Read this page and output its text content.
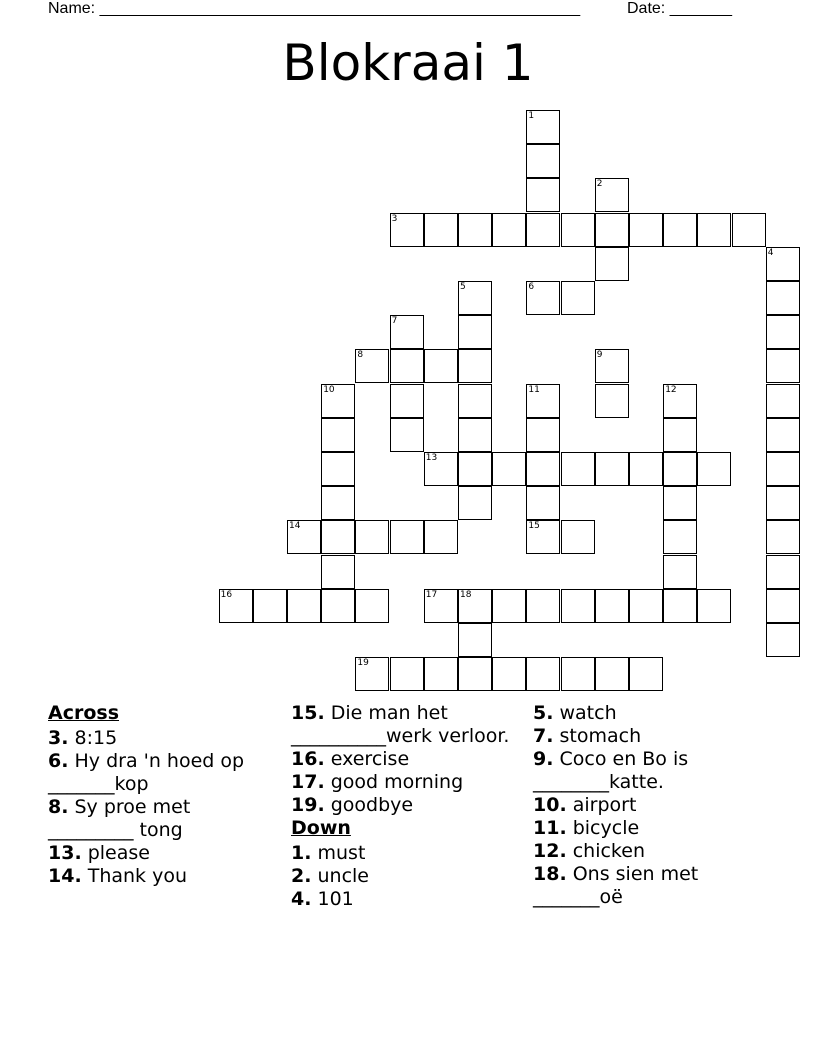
Name: ______________________________________________________	Date: _______
Blokraai 1
1
2
3
4
5	6
7
8	9
10	11	12
13
14	15
16	17	18
19
Across
3. 8:15
6. Hy dra 'n hoed op _______kop
8. Sy proe met _________ tong
13. please
14. Thank you
15. Die man het __________werk verloor.
16. exercise
17. good morning
19. goodbye
Down
1. must
2. uncle
4. 101
5. watch
7. stomach
9. Coco en Bo is ________katte.
10. airport
11. bicycle
12. chicken
18. Ons sien met _______oë
